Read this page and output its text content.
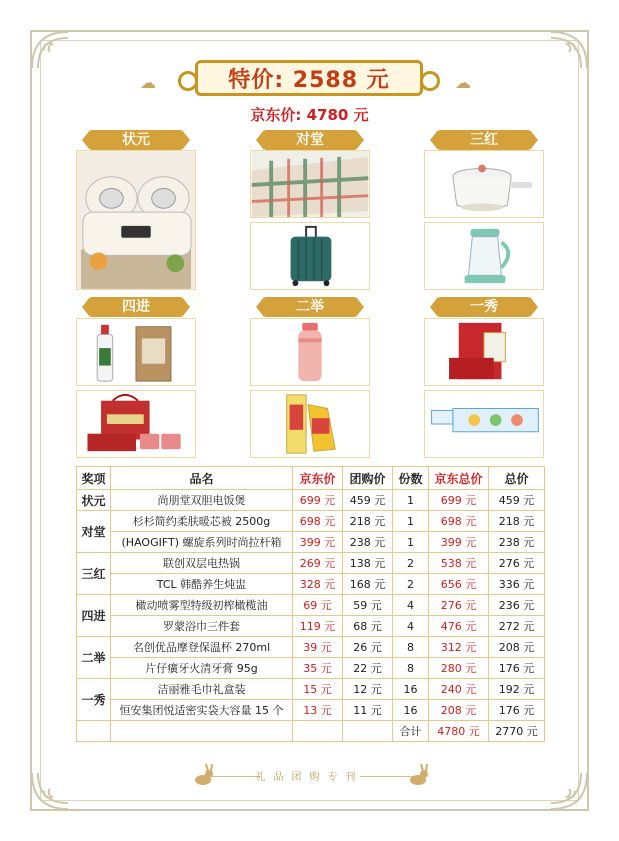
☁	☁
特价: 2588 元
京东价: 4780 元
状元	对堂	三红
四进	二举	一秀
奖项	品名	京东价	团购价	份数	京东总价	总价
状元	尚朋堂双胆电饭煲	699 元	459 元	1	699 元	459 元
对堂	杉杉简约柔肤暖芯被 2500g	698 元	218 元	1	698 元	218 元
	(HAOGIFT) 螺旋系列时尚拉杆箱	399 元	238 元	1	399 元	238 元
三红	联创双层电热锅	269 元	138 元	2	538 元	276 元
	TCL 韩酷养生炖盅	328 元	168 元	2	656 元	336 元
四进	橄动喷雾型特级初榨橄榄油	69 元	59 元	4	276 元	236 元
	罗蒙浴巾三件套	119 元	68 元	4	476 元	272 元
二举	名创优品摩登保温杯 270ml	39 元	26 元	8	312 元	208 元
	片仔癀牙火清牙膏 95g	35 元	22 元	8	280 元	176 元
一秀	洁丽雅毛巾礼盒装	15 元	12 元	16	240 元	192 元
	恒安集团悦适密实袋大容量 15 个	13 元	11 元	16	208 元	176 元
				合计	4780 元	2770 元
礼品团购专刊
